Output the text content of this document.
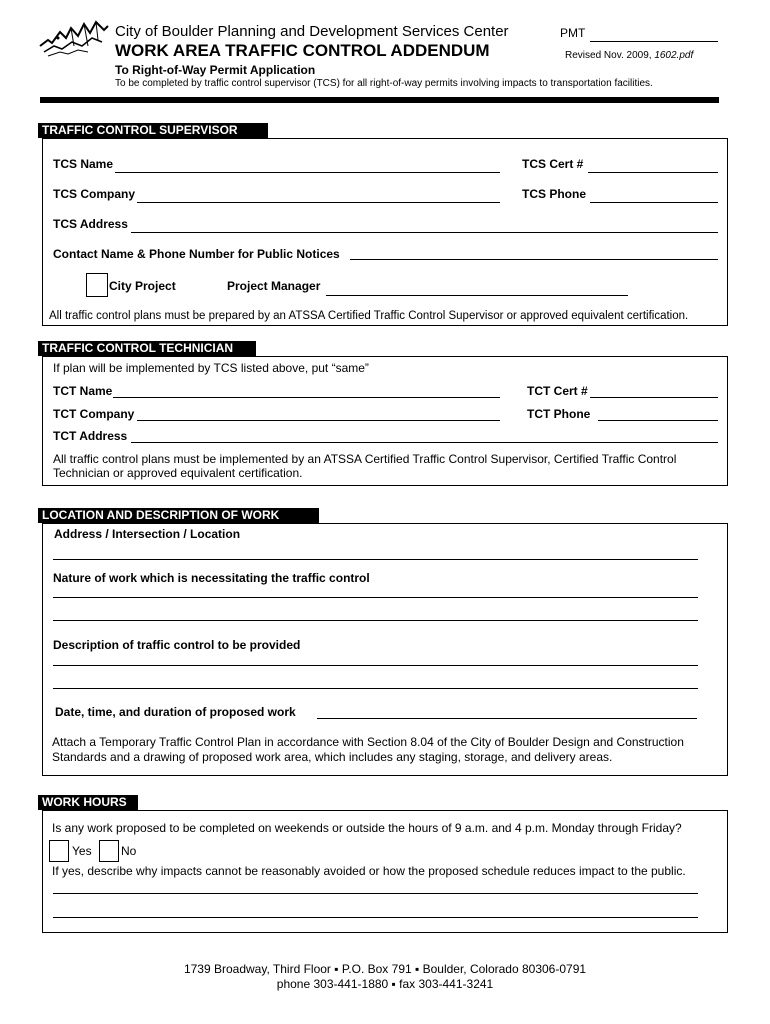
City of Boulder Planning and Development Services Center	PMT
WORK AREA TRAFFIC CONTROL ADDENDUM	Revised Nov. 2009, 1602.pdf
To Right-of-Way Permit Application
To be completed by traffic control supervisor (TCS) for all right-of-way permits involving impacts to transportation facilities.
TRAFFIC CONTROL SUPERVISOR
TCS Name	TCS Cert #
TCS Company	TCS Phone
TCS Address
Contact Name & Phone Number for Public Notices
City Project	Project Manager
All traffic control plans must be prepared by an ATSSA Certified Traffic Control Supervisor or approved equivalent certification.
TRAFFIC CONTROL TECHNICIAN
If plan will be implemented by TCS listed above, put “same”
TCT Name	TCT Cert #
TCT Company	TCT Phone
TCT Address
All traffic control plans must be implemented by an ATSSA Certified Traffic Control Supervisor, Certified Traffic Control
Technician or approved equivalent certification.
LOCATION AND DESCRIPTION OF WORK
Address / Intersection / Location
Nature of work which is necessitating the traffic control
Description of traffic control to be provided
Date, time, and duration of proposed work
Attach a Temporary Traffic Control Plan in accordance with Section 8.04 of the City of Boulder Design and Construction
Standards and a drawing of proposed work area, which includes any staging, storage, and delivery areas.
WORK HOURS
Is any work proposed to be completed on weekends or outside the hours of 9 a.m. and 4 p.m. Monday through Friday?
Yes No
If yes, describe why impacts cannot be reasonably avoided or how the proposed schedule reduces impact to the public.
1739 Broadway, Third Floor ▪ P.O. Box 791 ▪ Boulder, Colorado 80306-0791
phone 303-441-1880 ▪ fax 303-441-3241
